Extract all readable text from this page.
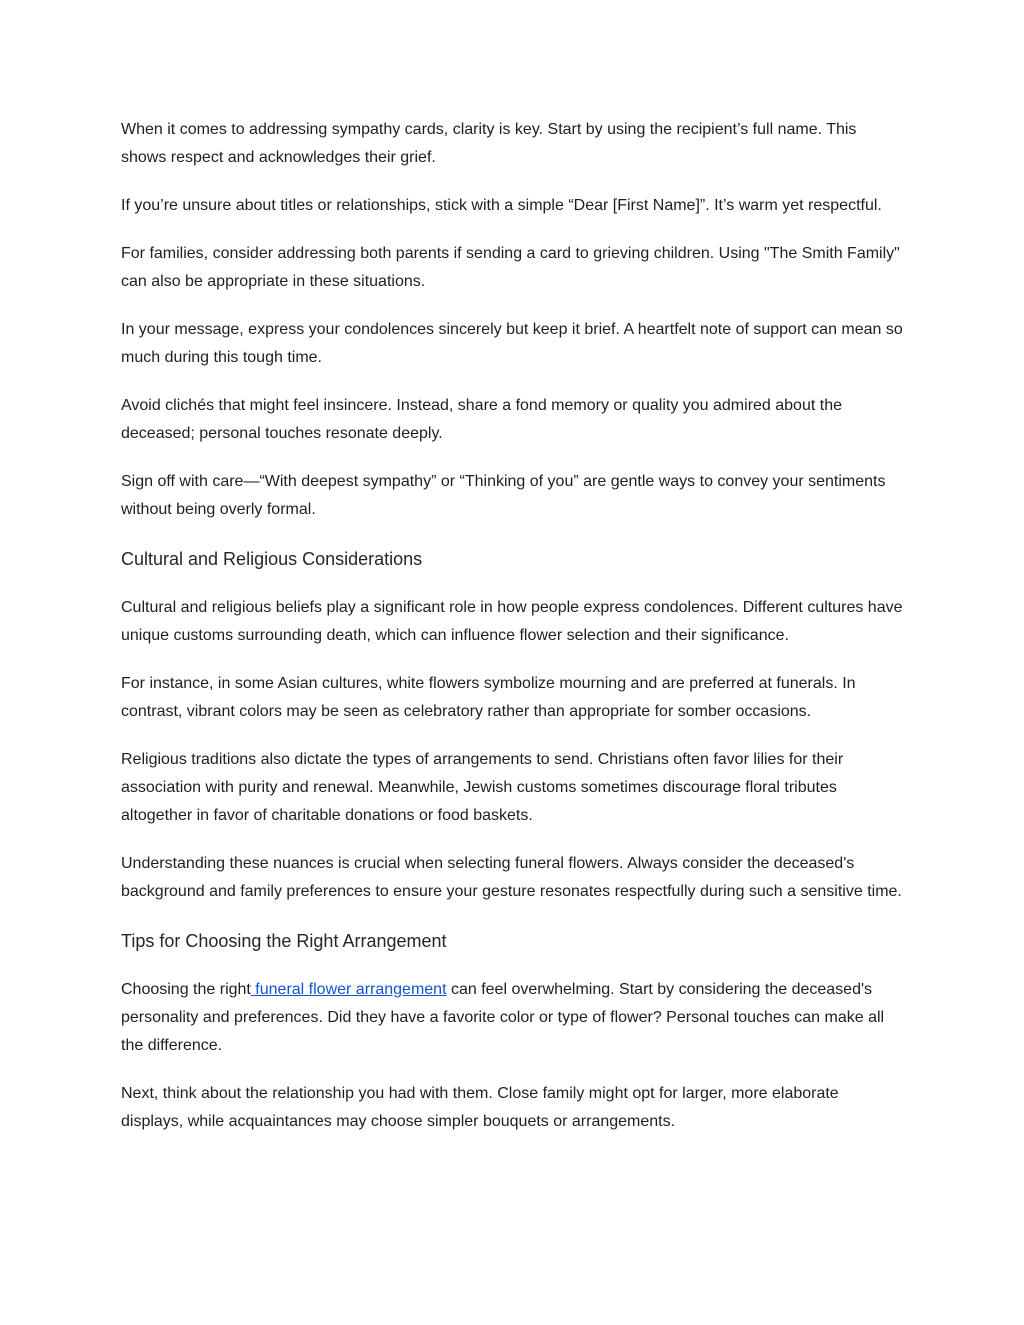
When it comes to addressing sympathy cards, clarity is key. Start by using the recipient’s full name. This shows respect and acknowledges their grief.

If you’re unsure about titles or relationships, stick with a simple “Dear [First Name]”. It’s warm yet respectful.

For families, consider addressing both parents if sending a card to grieving children. Using "The Smith Family" can also be appropriate in these situations.

In your message, express your condolences sincerely but keep it brief. A heartfelt note of support can mean so much during this tough time.

Avoid clichés that might feel insincere. Instead, share a fond memory or quality you admired about the deceased; personal touches resonate deeply.

Sign off with care—“With deepest sympathy” or “Thinking of you” are gentle ways to convey your sentiments without being overly formal.

Cultural and Religious Considerations

Cultural and religious beliefs play a significant role in how people express condolences. Different cultures have unique customs surrounding death, which can influence flower selection and their significance.

For instance, in some Asian cultures, white flowers symbolize mourning and are preferred at funerals. In contrast, vibrant colors may be seen as celebratory rather than appropriate for somber occasions.

Religious traditions also dictate the types of arrangements to send. Christians often favor lilies for their association with purity and renewal. Meanwhile, Jewish customs sometimes discourage floral tributes altogether in favor of charitable donations or food baskets.

Understanding these nuances is crucial when selecting funeral flowers. Always consider the deceased's background and family preferences to ensure your gesture resonates respectfully during such a sensitive time.

Tips for Choosing the Right Arrangement

Choosing the right funeral flower arrangement can feel overwhelming. Start by considering the deceased's personality and preferences. Did they have a favorite color or type of flower? Personal touches can make all the difference.

Next, think about the relationship you had with them. Close family might opt for larger, more elaborate displays, while acquaintances may choose simpler bouquets or arrangements.
